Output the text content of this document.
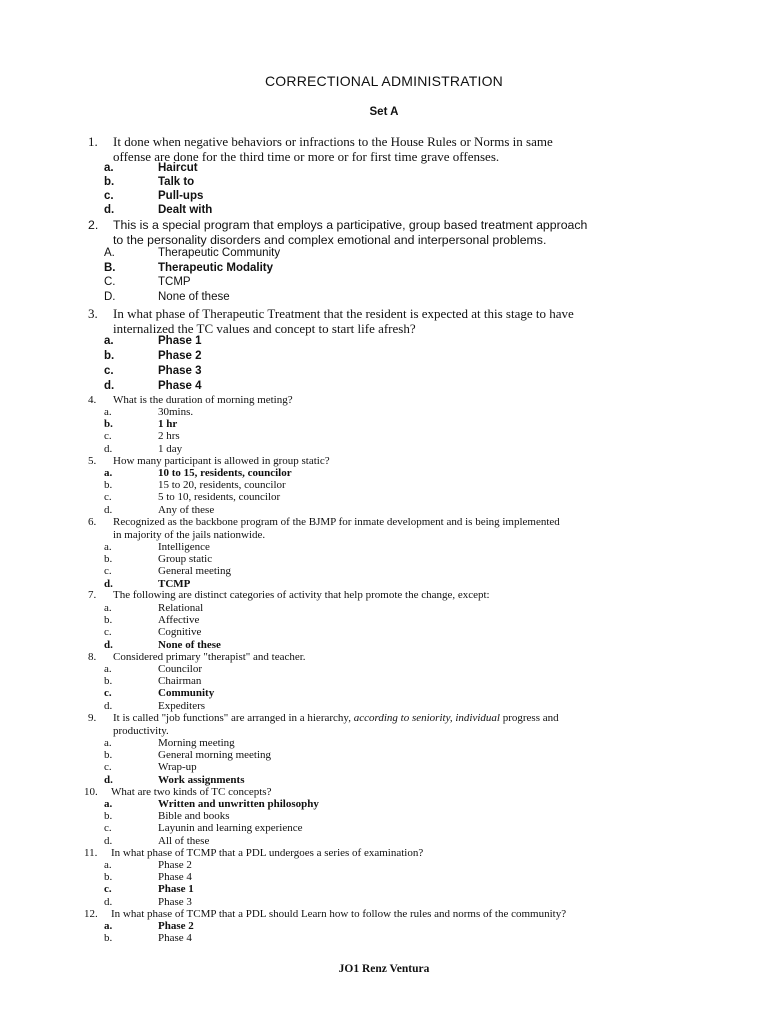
CORRECTIONAL ADMINISTRATION
Set A
1. It done when negative behaviors or infractions to the House Rules or Norms in same
offense are done for the third time or more or for first time grave offenses.
a.	Haircut
b.	Talk to
c.	Pull-ups
d.	Dealt with
2. This is a special program that employs a participative, group based treatment approach
to the personality disorders and complex emotional and interpersonal problems.
A.	Therapeutic Community
B.	Therapeutic Modality
C.	TCMP
D.	None of these
3. In what phase of Therapeutic Treatment that the resident is expected at this stage to have
internalized the TC values and concept to start life afresh?
a.	Phase 1
b.	Phase 2
c.	Phase 3
d.	Phase 4
4. What is the duration of morning meting?
a.	30mins.
b.	1 hr
c.	2 hrs
d.	1 day
5. How many participant is allowed in group static?
a.	10 to 15, residents, councilor
b.	15 to 20, residents, councilor
c.	5 to 10, residents, councilor
d.	Any of these
6. Recognized as the backbone program of the BJMP for inmate development and is being implemented
in majority of the jails nationwide.
a.	Intelligence
b.	Group static
c.	General meeting
d.	TCMP
7. The following are distinct categories of activity that help promote the change, except:
a.	Relational
b.	Affective
c.	Cognitive
d.	None of these
8. Considered primary "therapist" and teacher.
a.	Councilor
b.	Chairman
c.	Community
d.	Expediters
9. It is called "job functions" are arranged in a hierarchy, according to seniority, individual progress and
productivity.
a.	Morning meeting
b.	General morning meeting
c.	Wrap-up
d.	Work assignments
10. What are two kinds of TC concepts?
a.	Written and unwritten philosophy
b.	Bible and books
c.	Layunin and learning experience
d.	All of these
11. In what phase of TCMP that a PDL undergoes a series of examination?
a.	Phase 2
b.	Phase 4
c.	Phase 1
d.	Phase 3
12. In what phase of TCMP that a PDL should Learn how to follow the rules and norms of the community?
a.	Phase 2
b.	Phase 4
JO1 Renz Ventura
